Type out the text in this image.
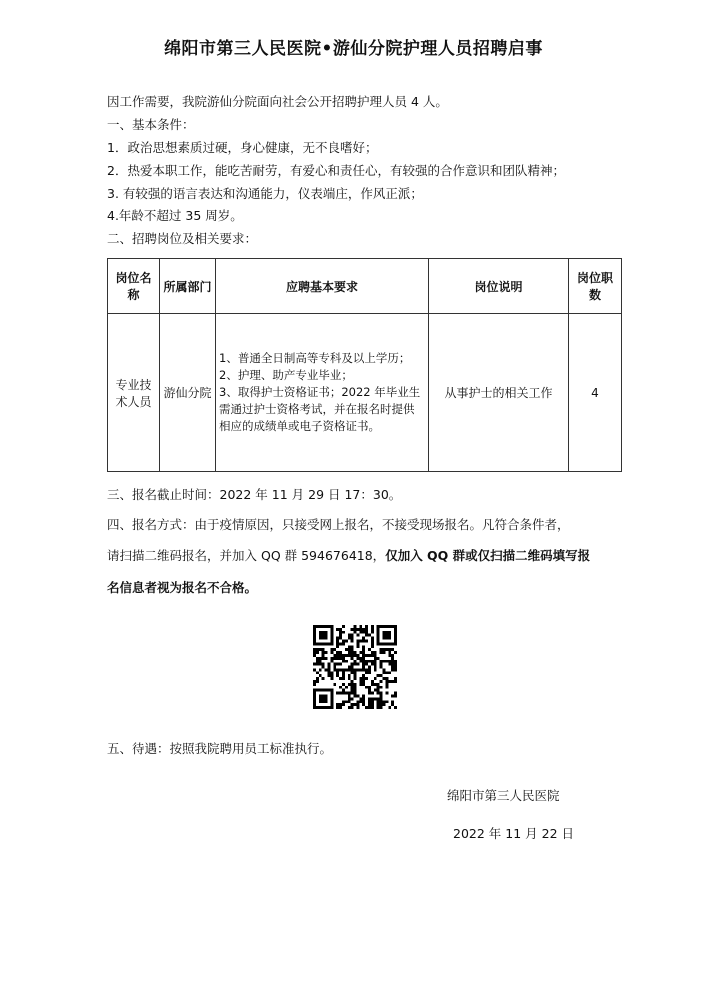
绵阳市第三人民医院•游仙分院护理人员招聘启事
因工作需要，我院游仙分院面向社会公开招聘护理人员 4 人。
一、基本条件：
1．政治思想素质过硬，身心健康，无不良嗜好；
2．热爱本职工作，能吃苦耐劳，有爱心和责任心，有较强的合作意识和团队精神；
3. 有较强的语言表达和沟通能力，仪表端庄，作风正派；
4.年龄不超过 35 周岁。
二、招聘岗位及相关要求：
岗位名称	所属部门	应聘基本要求	岗位说明	岗位职数
专业技术人员	游仙分院	1、普通全日制高等专科及以上学历；
2、护理、助产专业毕业；
3、取得护士资格证书；2022 年毕业生需通过护士资格考试，并在报名时提供相应的成绩单或电子资格证书。	从事护士的相关工作	4
三、报名截止时间：2022 年 11 月 29 日 17：30。
四、报名方式：由于疫情原因，只接受网上报名，不接受现场报名。凡符合条件者，
请扫描二维码报名，并加入 QQ 群 594676418，仅加入 QQ 群或仅扫描二维码填写报
名信息者视为报名不合格。
五、待遇：按照我院聘用员工标准执行。
绵阳市第三人民医院
2022 年 11 月 22 日
